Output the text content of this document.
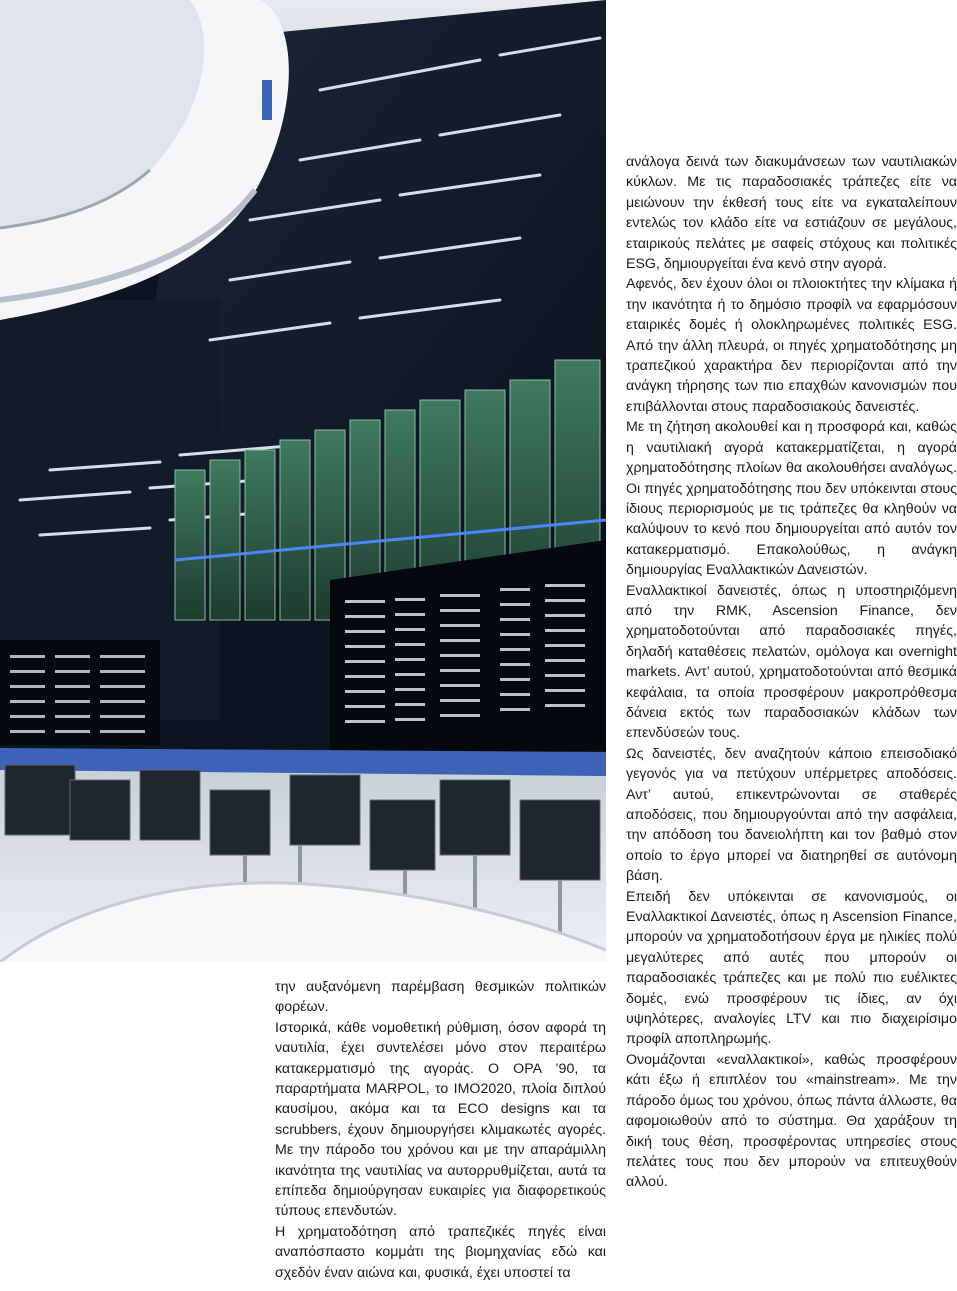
την αυξανόμενη παρέμβαση θεσμικών πολιτικών φορέων.

Ιστορικά, κάθε νομοθετική ρύθμιση, όσον αφορά τη ναυτιλία, έχει συντελέσει μόνο στον περαιτέρω κατακερματισμό της αγοράς. Ο OPA ’90, τα παραρτήματα MARPOL, το IMO2020, πλοία διπλού καυσίμου, ακόμα και τα ECO designs και τα scrubbers, έχουν δημιουργήσει κλιμακωτές αγορές. Με την πάροδο του χρόνου και με την απαράμιλλη ικανότητα της ναυτιλίας να αυτορρυθμίζεται, αυτά τα επίπεδα δημιούργησαν ευκαιρίες για διαφορετικούς τύπους επενδυτών.

Η χρηματοδότηση από τραπεζικές πηγές είναι αναπόσπαστο κομμάτι της βιομηχανίας εδώ και σχεδόν έναν αιώνα και, φυσικά, έχει υποστεί τα

ανάλογα δεινά των διακυμάνσεων των ναυτιλιακών κύκλων. Με τις παραδοσιακές τράπεζες είτε να μειώνουν την έκθεσή τους είτε να εγκαταλείπουν εντελώς τον κλάδο είτε να εστιάζουν σε μεγάλους, εταιρικούς πελάτες με σαφείς στόχους και πολιτικές ESG, δημιουργείται ένα κενό στην αγορά.

Αφενός, δεν έχουν όλοι οι πλοιοκτήτες την κλίμακα ή την ικανότητα ή το δημόσιο προφίλ να εφαρμόσουν εταιρικές δομές ή ολοκληρωμένες πολιτικές ESG. Από την άλλη πλευρά, οι πηγές χρηματοδότησης μη τραπεζικού χαρακτήρα δεν περιορίζονται από την ανάγκη τήρησης των πιο επαχθών κανονισμών που επιβάλλονται στους παραδοσιακούς δανειστές.

Με τη ζήτηση ακολουθεί και η προσφορά και, καθώς η ναυτιλιακή αγορά κατακερματίζεται, η αγορά χρηματοδότησης πλοίων θα ακολουθήσει αναλόγως. Οι πηγές χρηματοδότησης που δεν υπόκεινται στους ίδιους περιορισμούς με τις τράπεζες θα κληθούν να καλύψουν το κενό που δημιουργείται από αυτόν τον κατακερματισμό. Επακολούθως, η ανάγκη δημιουργίας Εναλλακτικών Δανειστών.

Εναλλακτικοί δανειστές, όπως η υποστηριζόμενη από την RMK, Ascension Finance, δεν χρηματοδοτούνται από παραδοσιακές πηγές, δηλαδή καταθέσεις πελατών, ομόλογα και overnight markets. Αντ’ αυτού, χρηματοδοτούνται από θεσμικά κεφάλαια, τα οποία προσφέρουν μακροπρόθεσμα δάνεια εκτός των παραδοσιακών κλάδων των επενδύσεών τους.

Ως δανειστές, δεν αναζητούν κάποιο επεισοδιακό γεγονός για να πετύχουν υπέρμετρες αποδόσεις. Αντ’ αυτού, επικεντρώνονται σε σταθερές αποδόσεις, που δημιουργούνται από την ασφάλεια, την απόδοση του δανειολήπτη και τον βαθμό στον οποίο το έργο μπορεί να διατηρηθεί σε αυτόνομη βάση.

Επειδή δεν υπόκεινται σε κανονισμούς, οι Εναλλακτικοί Δανειστές, όπως η Ascension Finance, μπορούν να χρηματοδοτήσουν έργα με ηλικίες πολύ μεγαλύτερες από αυτές που μπορούν οι παραδοσιακές τράπεζες και με πολύ πιο ευέλικτες δομές, ενώ προσφέρουν τις ίδιες, αν όχι υψηλότερες, αναλογίες LTV και πιο διαχειρίσιμο προφίλ αποπληρωμής.

Ονομάζονται «εναλλακτικοί», καθώς προσφέρουν κάτι έξω ή επιπλέον του «mainstream». Με την πάροδο όμως του χρόνου, όπως πάντα άλλωστε, θα αφομοιωθούν από το σύστημα. Θα χαράξουν τη δική τους θέση, προσφέροντας υπηρεσίες στους πελάτες τους που δεν μπορούν να επιτευχθούν αλλού.
